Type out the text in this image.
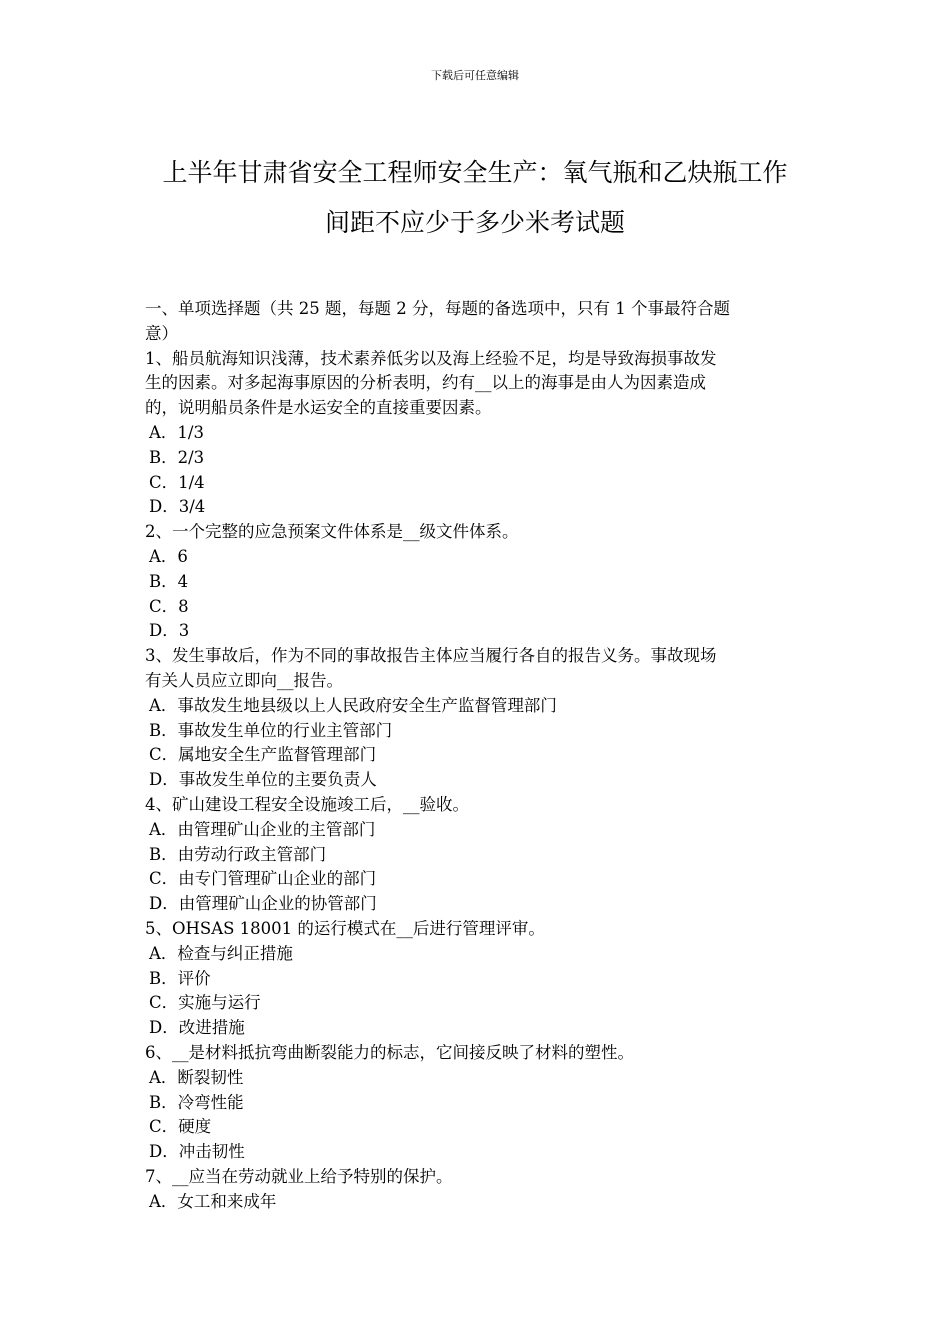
下载后可任意编辑
上半年甘肃省安全工程师安全生产：氧气瓶和乙炔瓶工作
间距不应少于多少米考试题

一、单项选择题（共 25 题，每题 2 分，每题的备选项中，只有 1 个事最符合题

意）

1、船员航海知识浅薄，技术素养低劣以及海上经验不足，均是导致海损事故发

生的因素。对多起海事原因的分析表明，约有__以上的海事是由人为因素造成

的，说明船员条件是水运安全的直接重要因素。

A．1/3

B．2/3

C．1/4

D．3/4

2、一个完整的应急预案文件体系是__级文件体系。

A．6

B．4

C．8

D．3

3、发生事故后，作为不同的事故报告主体应当履行各自的报告义务。事故现场

有关人员应立即向__报告。

A．事故发生地县级以上人民政府安全生产监督管理部门

B．事故发生单位的行业主管部门

C．属地安全生产监督管理部门

D．事故发生单位的主要负责人

4、矿山建设工程安全设施竣工后，__验收。

A．由管理矿山企业的主管部门

B．由劳动行政主管部门

C．由专门管理矿山企业的部门

D．由管理矿山企业的协管部门

5、OHSAS 18001 的运行模式在__后进行管理评审。

A．检查与纠正措施

B．评价

C．实施与运行

D．改进措施

6、__是材料抵抗弯曲断裂能力的标志，它间接反映了材料的塑性。

A．断裂韧性

B．冷弯性能

C．硬度

D．冲击韧性

7、__应当在劳动就业上给予特别的保护。

A．女工和来成年
